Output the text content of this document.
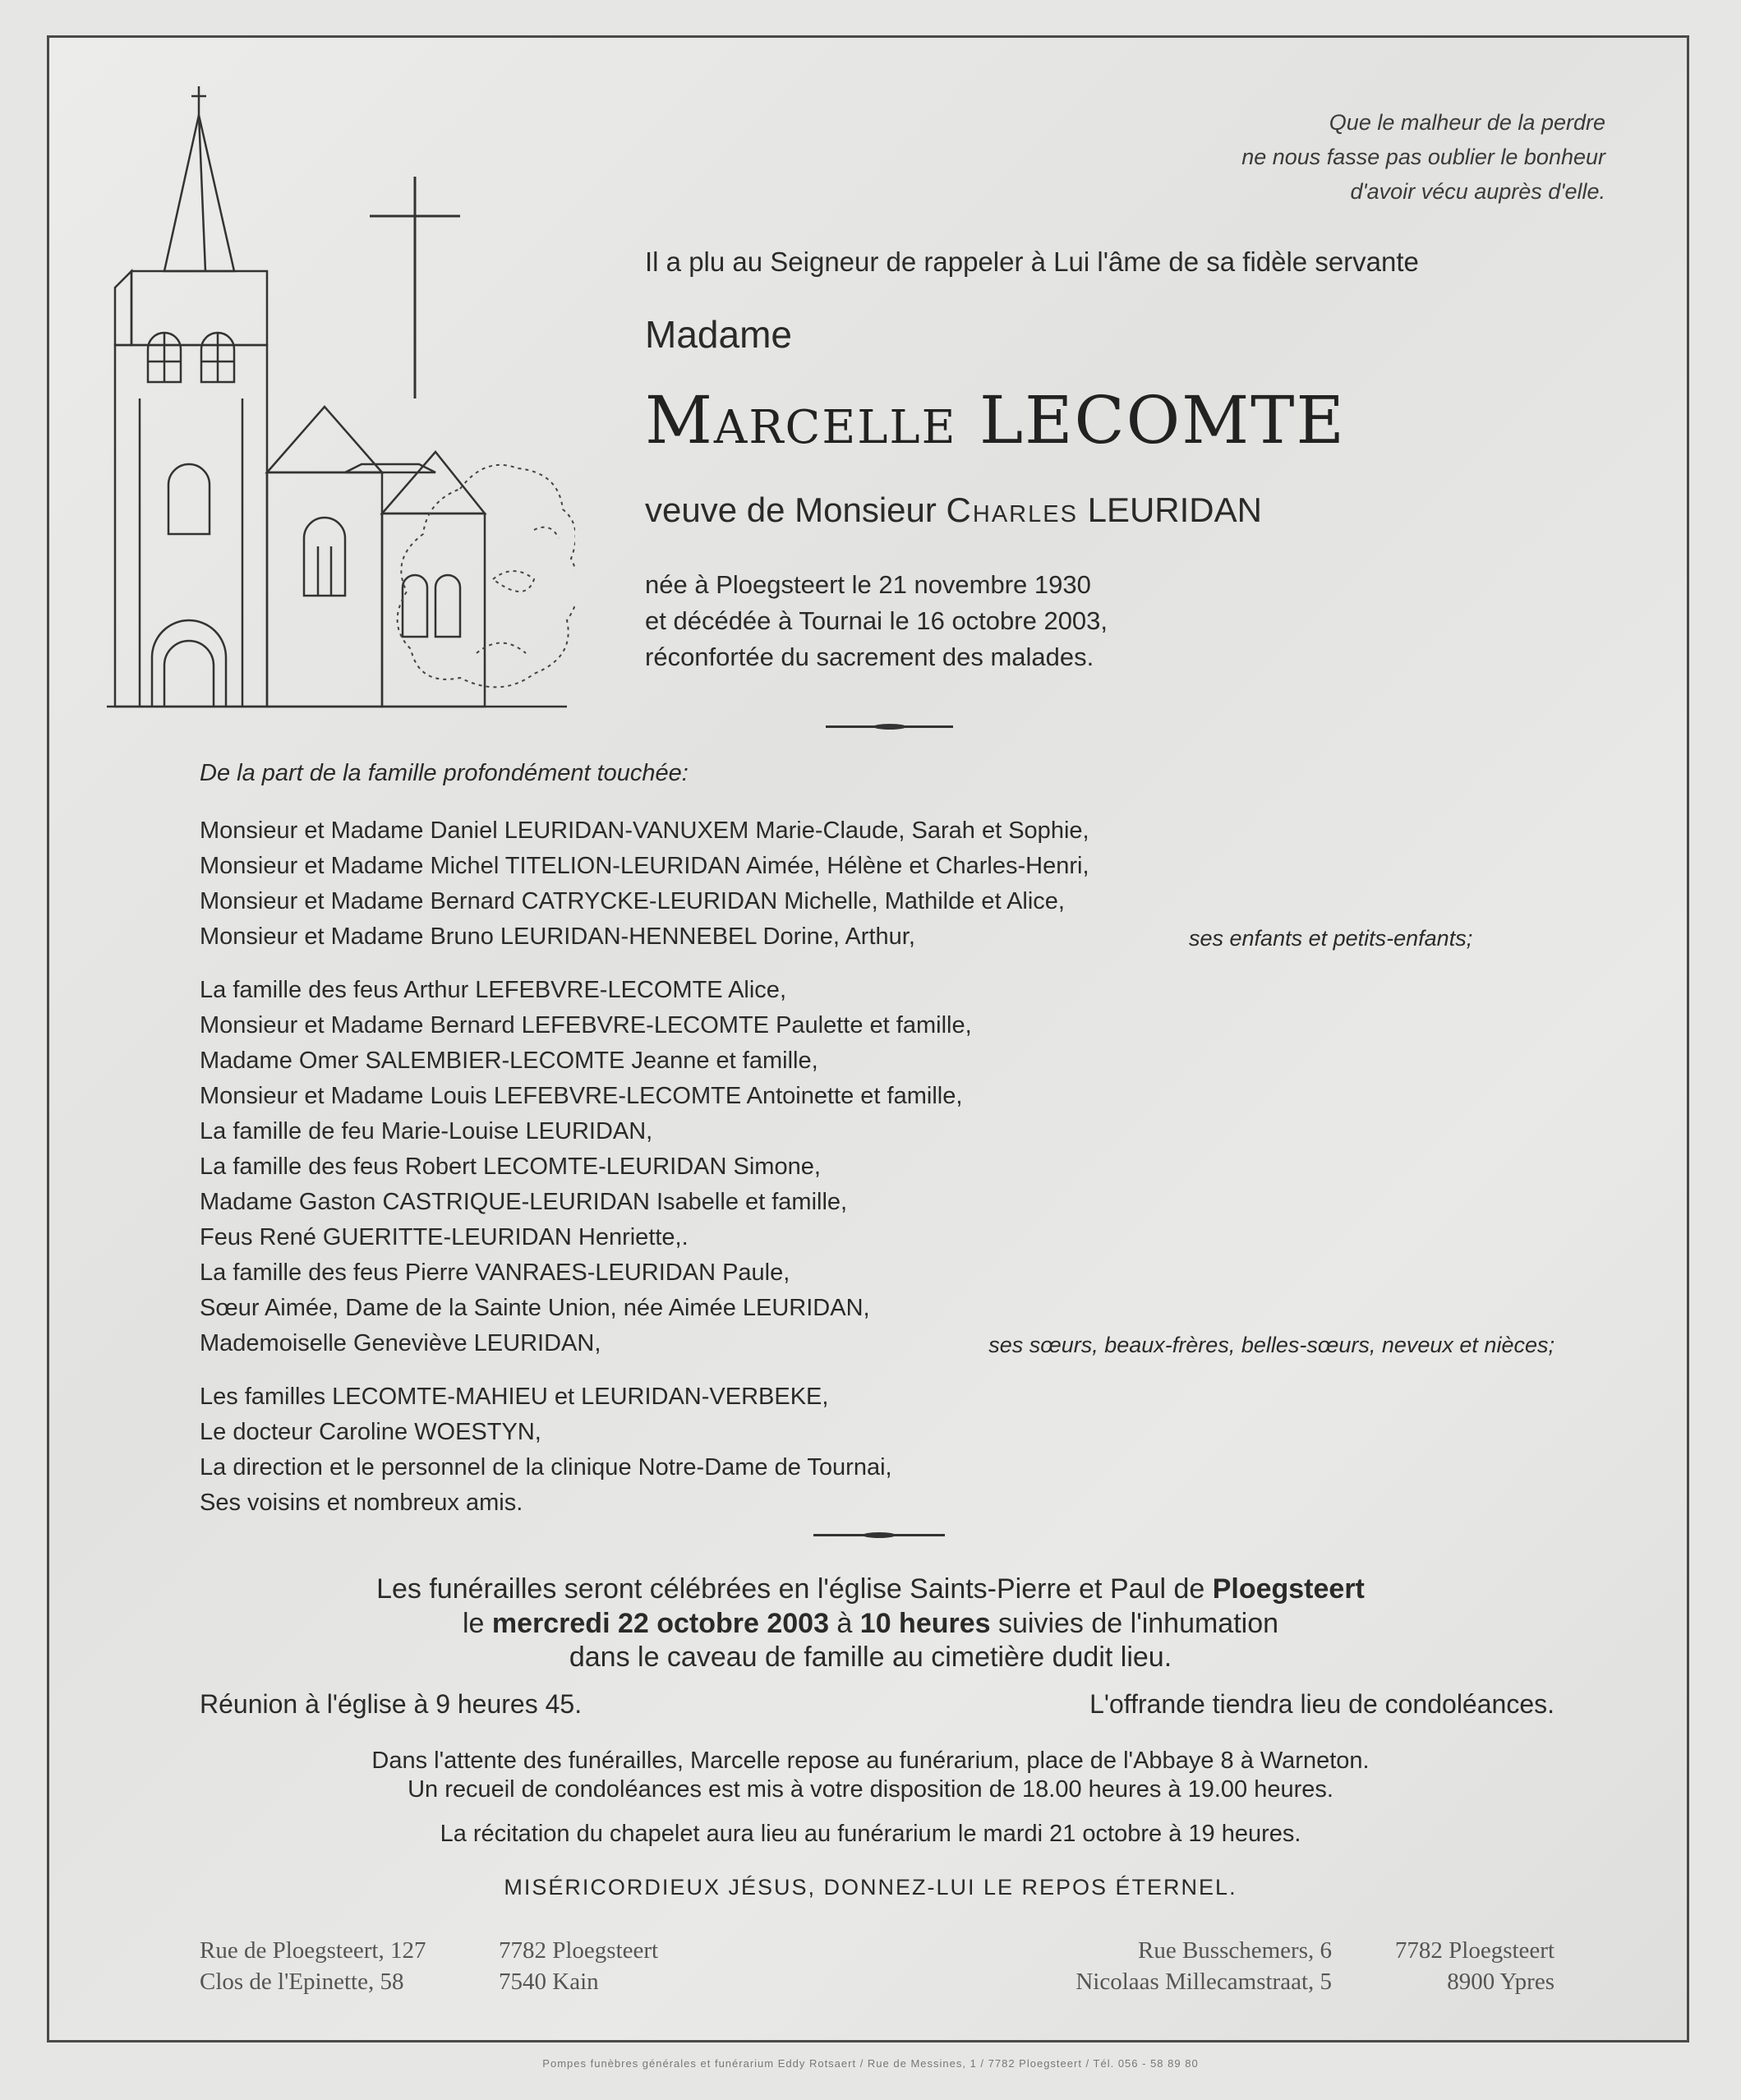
Que le malheur de la perdre
ne nous fasse pas oublier le bonheur
d'avoir vécu auprès d'elle.
Il a plu au Seigneur de rappeler à Lui l'âme de sa fidèle servante
Madame
Marcelle LECOMTE
veuve de Monsieur Charles LEURIDAN
née à Ploegsteert le 21 novembre 1930
et décédée à Tournai le 16 octobre 2003,
réconfortée du sacrement des malades.
De la part de la famille profondément touchée:
Monsieur et Madame Daniel LEURIDAN-VANUXEM Marie-Claude, Sarah et Sophie,
Monsieur et Madame Michel TITELION-LEURIDAN Aimée, Hélène et Charles-Henri,
Monsieur et Madame Bernard CATRYCKE-LEURIDAN Michelle, Mathilde et Alice,
Monsieur et Madame Bruno LEURIDAN-HENNEBEL Dorine, Arthur,	ses enfants et petits-enfants;
La famille des feus Arthur LEFEBVRE-LECOMTE Alice,
Monsieur et Madame Bernard LEFEBVRE-LECOMTE Paulette et famille,
Madame Omer SALEMBIER-LECOMTE Jeanne et famille,
Monsieur et Madame Louis LEFEBVRE-LECOMTE Antoinette et famille,
La famille de feu Marie-Louise LEURIDAN,
La famille des feus Robert LECOMTE-LEURIDAN Simone,
Madame Gaston CASTRIQUE-LEURIDAN Isabelle et famille,
Feus René GUERITTE-LEURIDAN Henriette,.
La famille des feus Pierre VANRAES-LEURIDAN Paule,
Sœur Aimée, Dame de la Sainte Union, née Aimée LEURIDAN,
Mademoiselle Geneviève LEURIDAN,	ses sœurs, beaux-frères, belles-sœurs, neveux et nièces;
Les familles LECOMTE-MAHIEU et LEURIDAN-VERBEKE,
Le docteur Caroline WOESTYN,
La direction et le personnel de la clinique Notre-Dame de Tournai,
Ses voisins et nombreux amis.
Les funérailles seront célébrées en l'église Saints-Pierre et Paul de Ploegsteert
le mercredi 22 octobre 2003 à 10 heures suivies de l'inhumation
dans le caveau de famille au cimetière dudit lieu.
Réunion à l'église à 9 heures 45.	L'offrande tiendra lieu de condoléances.
Dans l'attente des funérailles, Marcelle repose au funérarium, place de l'Abbaye 8 à Warneton.
Un recueil de condoléances est mis à votre disposition de 18.00 heures à 19.00 heures.
La récitation du chapelet aura lieu au funérarium le mardi 21 octobre à 19 heures.
MISÉRICORDIEUX JÉSUS, DONNEZ-LUI LE REPOS ÉTERNEL.
Rue de Ploegsteert, 127	7782 Ploegsteert
Clos de l'Epinette, 58	7540 Kain
Rue Busschemers, 6	7782 Ploegsteert
Nicolaas Millecamstraat, 5	8900 Ypres
Pompes funèbres générales et funérarium Eddy Rotsaert / Rue de Messines, 1 / 7782 Ploegsteert / Tél. 056 - 58 89 80
